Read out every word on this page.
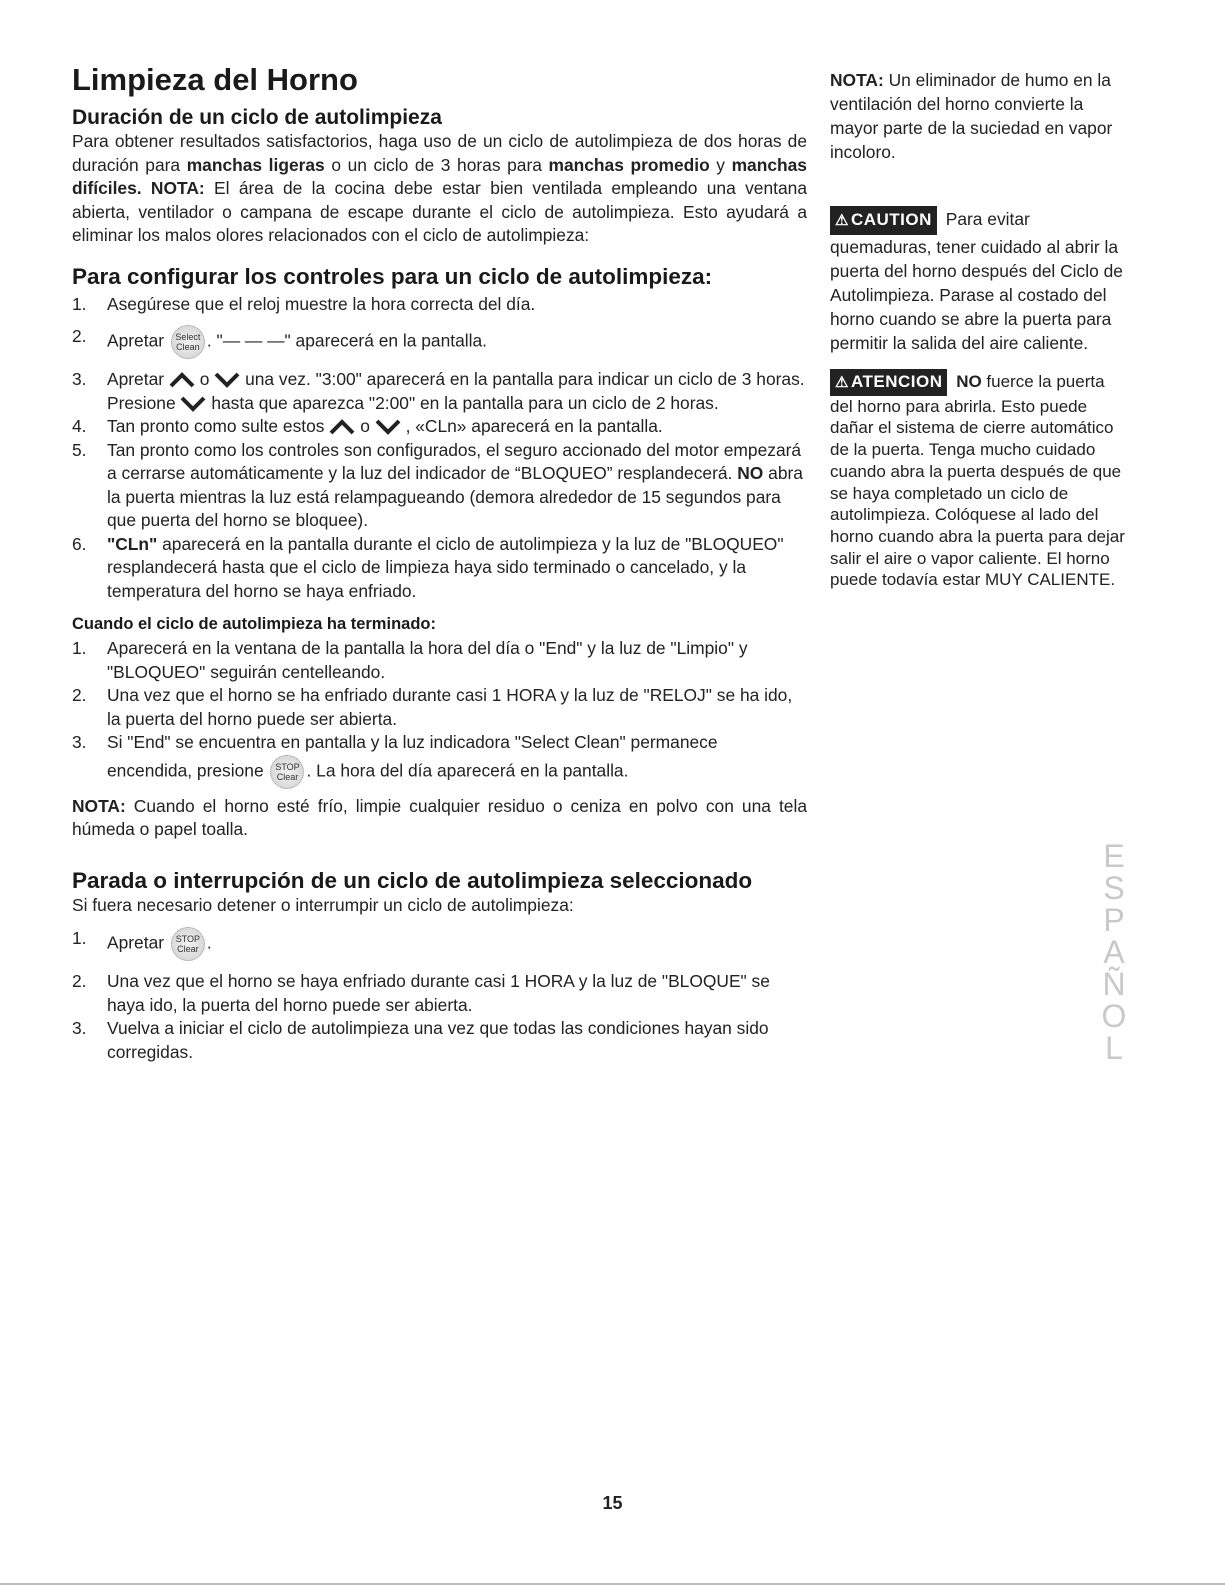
Limpieza del Horno
Duración de un ciclo de autolimpieza

Para obtener resultados satisfactorios, haga uso de un ciclo de autolimpieza de dos horas de duración para manchas ligeras o un ciclo de 3 horas para manchas promedio y manchas difíciles. NOTA: El área de la cocina debe estar bien ventilada empleando una ventana abierta, ventilador o campana de escape durante el ciclo de autolimpieza. Esto ayudará a eliminar los malos olores relacionados con el ciclo de autolimpieza:

Para configurar los controles para un ciclo de autolimpieza:
1. Asegúrese que el reloj muestre la hora correcta del día.
2. Apretar Select Clean . "— — —" aparecerá en la pantalla.
3. Apretar o una vez. "3:00" aparecerá en la pantalla para indicar un ciclo de 3 horas. Presione hasta que aparezca "2:00" en la pantalla para un ciclo de 2 horas.
4. Tan pronto como sulte estos o , «CLn» aparecerá en la pantalla.
5. Tan pronto como los controles son configurados, el seguro accionado del motor empezará a cerrarse automáticamente y la luz del indicador de “BLOQUEO” resplandecerá. NO abra la puerta mientras la luz está relampagueando (demora alrededor de 15 segundos para que puerta del horno se bloquee).
6. "CLn" aparecerá en la pantalla durante el ciclo de autolimpieza y la luz de "BLOQUEO" resplandecerá hasta que el ciclo de limpieza haya sido terminado o cancelado, y la temperatura del horno se haya enfriado.
Cuando el ciclo de autolimpieza ha terminado:
1. Aparecerá en la ventana de la pantalla la hora del día o "End" y la luz de "Limpio" y "BLOQUEO" seguirán centelleando.
2. Una vez que el horno se ha enfriado durante casi 1 HORA y la luz de "RELOJ" se ha ido, la puerta del horno puede ser abierta.
3. Si "End" se encuentra en pantalla y la luz indicadora "Select Clean" permanece encendida, presione STOP Clear . La hora del día aparecerá en la pantalla.

NOTA: Cuando el horno esté frío, limpie cualquier residuo o ceniza en polvo con una tela húmeda o papel toalla.

Parada o interrupción de un ciclo de autolimpieza seleccionado

Si fuera necesario detener o interrumpir un ciclo de autolimpieza:

1. Apretar STOP Clear .
2. Una vez que el horno se haya enfriado durante casi 1 HORA y la luz de "BLOQUE" se haya ido, la puerta del horno puede ser abierta.
3. Vuelva a iniciar el ciclo de autolimpieza una vez que todas las condiciones hayan sido corregidas.

NOTA: Un eliminador de humo en la ventilación del horno convierte la mayor parte de la suciedad en vapor incoloro.

⚠ CAUTION Para evitar quemaduras, tener cuidado al abrir la puerta del horno después del Ciclo de Autolimpieza. Parase al costado del horno cuando se abre la puerta para permitir la salida del aire caliente.

⚠ ATENCION NO fuerce la puerta del horno para abrirla. Esto puede dañar el sistema de cierre automático de la puerta. Tenga mucho cuidado cuando abra la puerta después de que se haya completado un ciclo de autolimpieza. Colóquese al lado del horno cuando abra la puerta para dejar salir el aire o vapor caliente. El horno puede todavía estar MUY CALIENTE.

E
S
P
A
Ñ
O
L
15
